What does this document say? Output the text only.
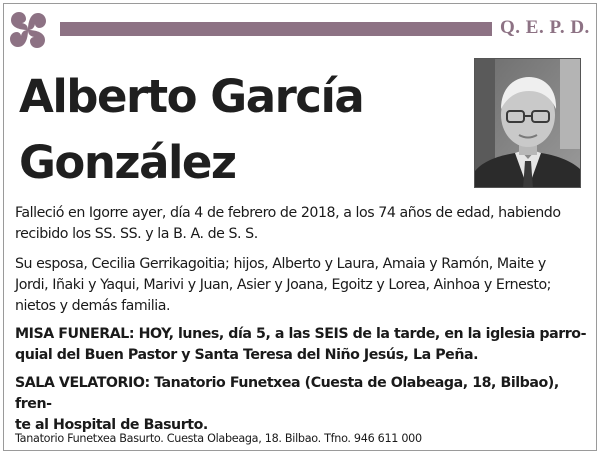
Q. E. P. D.
Alberto García
González
Falleció en Igorre ayer, día 4 de febrero de 2018, a los 74 años de edad, habiendo
recibido los SS. SS. y la B. A. de S. S.
Su esposa, Cecilia Gerrikagoitia; hijos, Alberto y Laura, Amaia y Ramón, Maite y
Jordi, Iñaki y Yaqui, Marivi y Juan, Asier y Joana, Egoitz y Lorea, Ainhoa y Ernesto;
nietos y demás familia.
MISA FUNERAL: HOY, lunes, día 5, a las SEIS de la tarde, en la iglesia parro-
quial del Buen Pastor y Santa Teresa del Niño Jesús, La Peña.
SALA VELATORIO: Tanatorio Funetxea (Cuesta de Olabeaga, 18, Bilbao), fren-
te al Hospital de Basurto.
Tanatorio Funetxea Basurto. Cuesta Olabeaga, 18. Bilbao. Tfno. 946 611 000
